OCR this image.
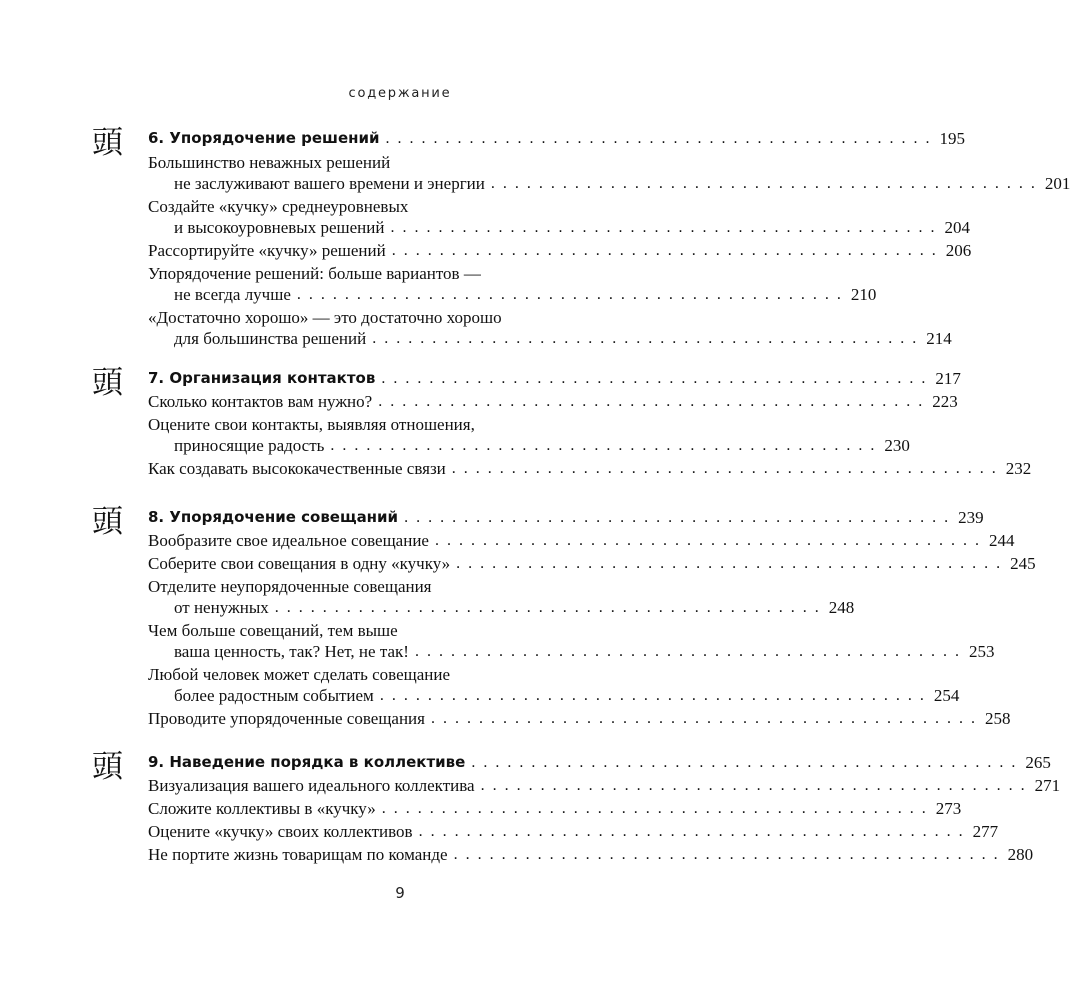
содержание
頭	6. Упорядочение решений .............................................. 195
Большинство неважных решений
не заслуживают вашего времени и энергии .............................................. 201
Создайте «кучку» среднеуровневых
и высокоуровневых решений .............................................. 204
Рассортируйте «кучку» решений .............................................. 206
Упорядочение решений: больше вариантов —
не всегда лучше .............................................. 210
«Достаточно хорошо» — это достаточно хорошо
для большинства решений .............................................. 214
頭	7. Организация контактов .............................................. 217
Сколько контактов вам нужно? .............................................. 223
Оцените свои контакты, выявляя отношения,
приносящие радость .............................................. 230
Как создавать высококачественные связи .............................................. 232
頭	8. Упорядочение совещаний .............................................. 239
Вообразите свое идеальное совещание .............................................. 244
Соберите свои совещания в одну «кучку» .............................................. 245
Отделите неупорядоченные совещания
от ненужных .............................................. 248
Чем больше совещаний, тем выше
ваша ценность, так? Нет, не так! .............................................. 253
Любой человек может сделать совещание
более радостным событием .............................................. 254
Проводите упорядоченные совещания .............................................. 258
頭	9. Наведение порядка в коллективе .............................................. 265
Визуализация вашего идеального коллектива .............................................. 271
Сложите коллективы в «кучку» .............................................. 273
Оцените «кучку» своих коллективов .............................................. 277
Не портите жизнь товарищам по команде .............................................. 280
9
